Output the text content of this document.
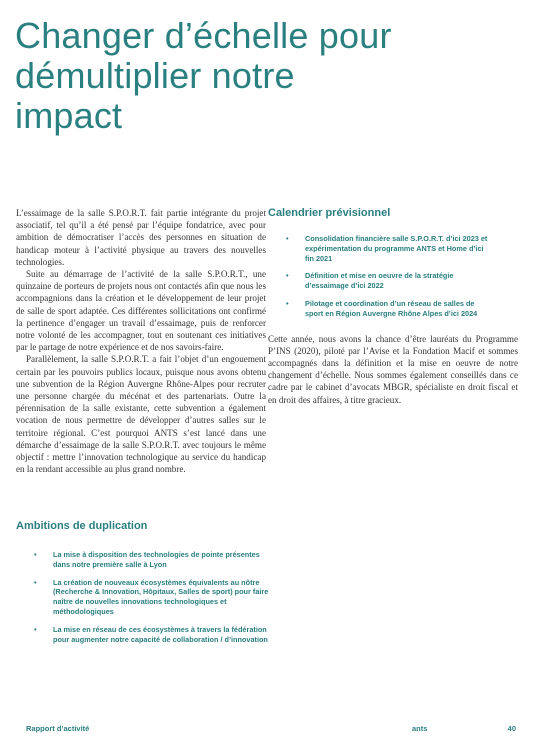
Changer d’échelle pour
démultiplier notre
impact

L’essaimage de la salle S.P.O.R.T. fait partie intégrante du projet associatif, tel qu’il a été pensé par l’équipe fondatrice, avec pour ambition de démocratiser l’accès des personnes en situation de handicap moteur à l’activité physique au travers des nouvelles technologies.

Suite au démarrage de l’activité de la salle S.P.O.R.T., une quinzaine de porteurs de projets nous ont contactés afin que nous les accompagnions dans la création et le développement de leur projet de salle de sport adaptée. Ces différentes sollicitations ont confirmé la pertinence d’engager un travail d’essaimage, puis de renforcer notre volonté de les accompagner, tout en soutenant ces initiatives par le partage de notre expérience et de nos savoirs-faire.

Parallèlement, la salle S.P.O.R.T. a fait l’objet d’un engouement certain par les pouvoirs publics locaux, puisque nous avons obtenu une subvention de la Région Auvergne Rhône-Alpes pour recruter une personne chargée du mécénat et des partenariats. Outre la pérennisation de la salle existante, cette subvention a également vocation de nous permettre de développer d’autres salles sur le territoire régional. C’est pourquoi ANTS s’est lancé dans une démarche d’essaimage de la salle S.P.O.R.T. avec toujours le même objectif : mettre l’innovation technologique au service du handicap en la rendant accessible au plus grand nombre.

Calendrier prévisionnel
• Consolidation financière salle S.P.O.R.T. d’ici 2023 et expérimentation du programme ANTS et Home d’ici fin 2021
• Définition et mise en oeuvre de la stratégie d’essaimage d’ici 2022
• Pilotage et coordination d’un réseau de salles de sport en Région Auvergne Rhône Alpes d’ici 2024

Cette année, nous avons la chance d’être lauréats du Programme P’INS (2020), piloté par l’Avise et la Fondation Macif et sommes accompagnés dans la définition et la mise en oeuvre de notre changement d’échelle. Nous sommes également conseillés dans ce cadre par le cabinet d’avocats MBGR, spécialiste en droit fiscal et en droit des affaires, à titre gracieux.

Ambitions de duplication
• La mise à disposition des technologies de pointe présentes dans notre première salle à Lyon
• La création de nouveaux écosystèmes équivalents au nôtre (Recherche & Innovation, Hôpitaux, Salles de sport) pour faire naître de nouvelles innovations technologiques et méthodologiques
• La mise en réseau de ces écosystèmes à travers la fédération pour augmenter notre capacité de collaboration / d’innovation
Rapport d’activité	ants	40
